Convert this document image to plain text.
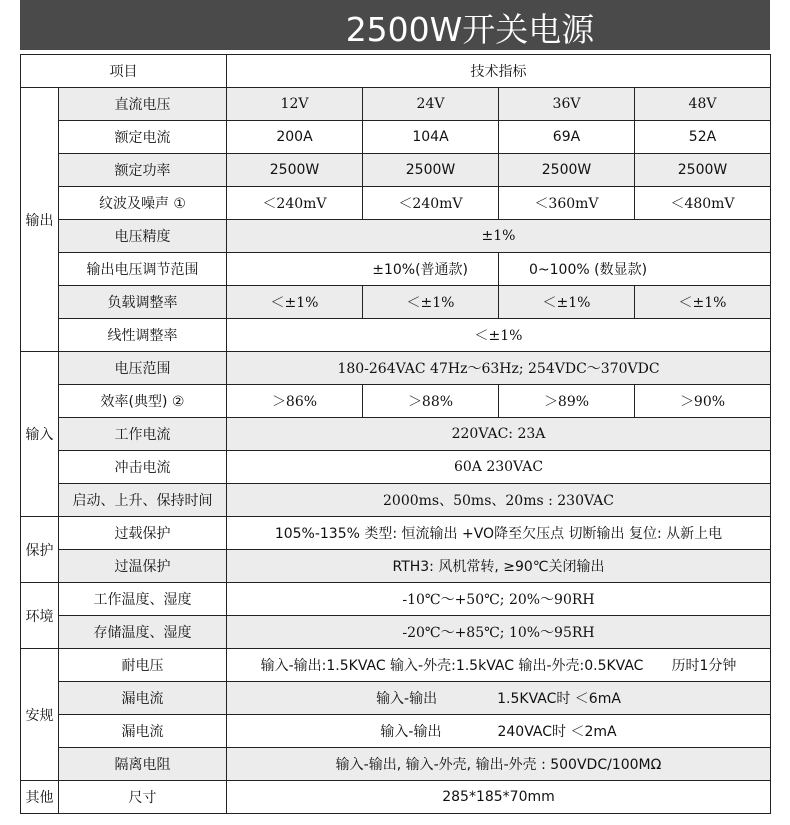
2500W开关电源
项目		技术指标			
输出	直流电压	12V	24V	36V	48V
	额定电流	200A	104A	69A	52A
	额定功率	2500W	2500W	2500W	2500W
	纹波及噪声 ①	＜240mV	＜240mV	＜360mV	＜480mV
	电压精度	±1%			
	输出电压调节范围	±10%(普通款)		0~100% (数显款)	
	负载调整率	＜±1%	＜±1%	＜±1%	＜±1%
	线性调整率	＜±1%			
输入	电压范围	180-264VAC 47Hz～63Hz; 254VDC～370VDC			
	效率(典型) ②	＞86%	＞88%	＞89%	＞90%
	工作电流	220VAC: 23A			
	冲击电流	60A 230VAC			
	启动、上升、保持时间	2000ms、50ms、20ms : 230VAC			
保护	过载保护	105%-135% 类型: 恒流输出 +VO降至欠压点 切断输出 复位: 从新上电			
	过温保护	RTH3: 风机常转, ≥90℃关闭输出			
环境	工作温度、湿度	-10℃～+50℃; 20%～90RH			
	存储温度、湿度	-20℃～+85℃; 10%～95RH			
安规	耐电压	输入-输出:1.5KVAC 输入-外壳:1.5kVAC 输出-外壳:0.5KVAC 历时1分钟			
	漏电流	输入-输出 1.5KVAC时 ＜6mA			
	漏电流	输入-输出 240VAC时 ＜2mA			
	隔离电阻	输入-输出, 输入-外壳, 输出-外壳 : 500VDC/100MΩ			
其他	尺寸	285*185*70mm			
